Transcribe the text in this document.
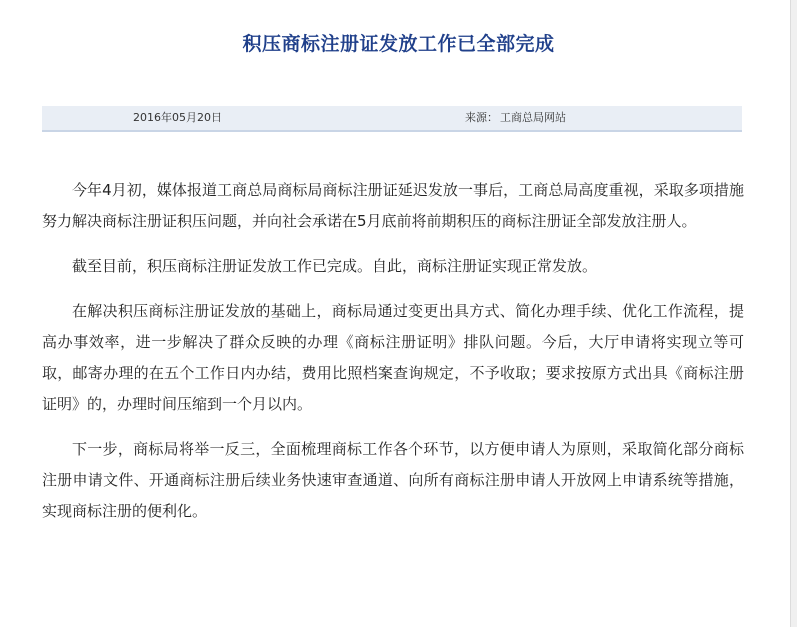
积压商标注册证发放工作已全部完成
2016年05月20日	来源： 工商总局网站

今年4月初，媒体报道工商总局商标局商标注册证延迟发放一事后，工商总局高度重视，采取多项措施努力解决商标注册证积压问题，并向社会承诺在5月底前将前期积压的商标注册证全部发放注册人。

截至目前，积压商标注册证发放工作已完成。自此，商标注册证实现正常发放。

在解决积压商标注册证发放的基础上，商标局通过变更出具方式、简化办理手续、优化工作流程，提高办事效率，进一步解决了群众反映的办理《商标注册证明》排队问题。今后，大厅申请将实现立等可取，邮寄办理的在五个工作日内办结，费用比照档案查询规定，不予收取；要求按原方式出具《商标注册证明》的，办理时间压缩到一个月以内。

下一步，商标局将举一反三，全面梳理商标工作各个环节，以方便申请人为原则，采取简化部分商标注册申请文件、开通商标注册后续业务快速审查通道、向所有商标注册申请人开放网上申请系统等措施，实现商标注册的便利化。
